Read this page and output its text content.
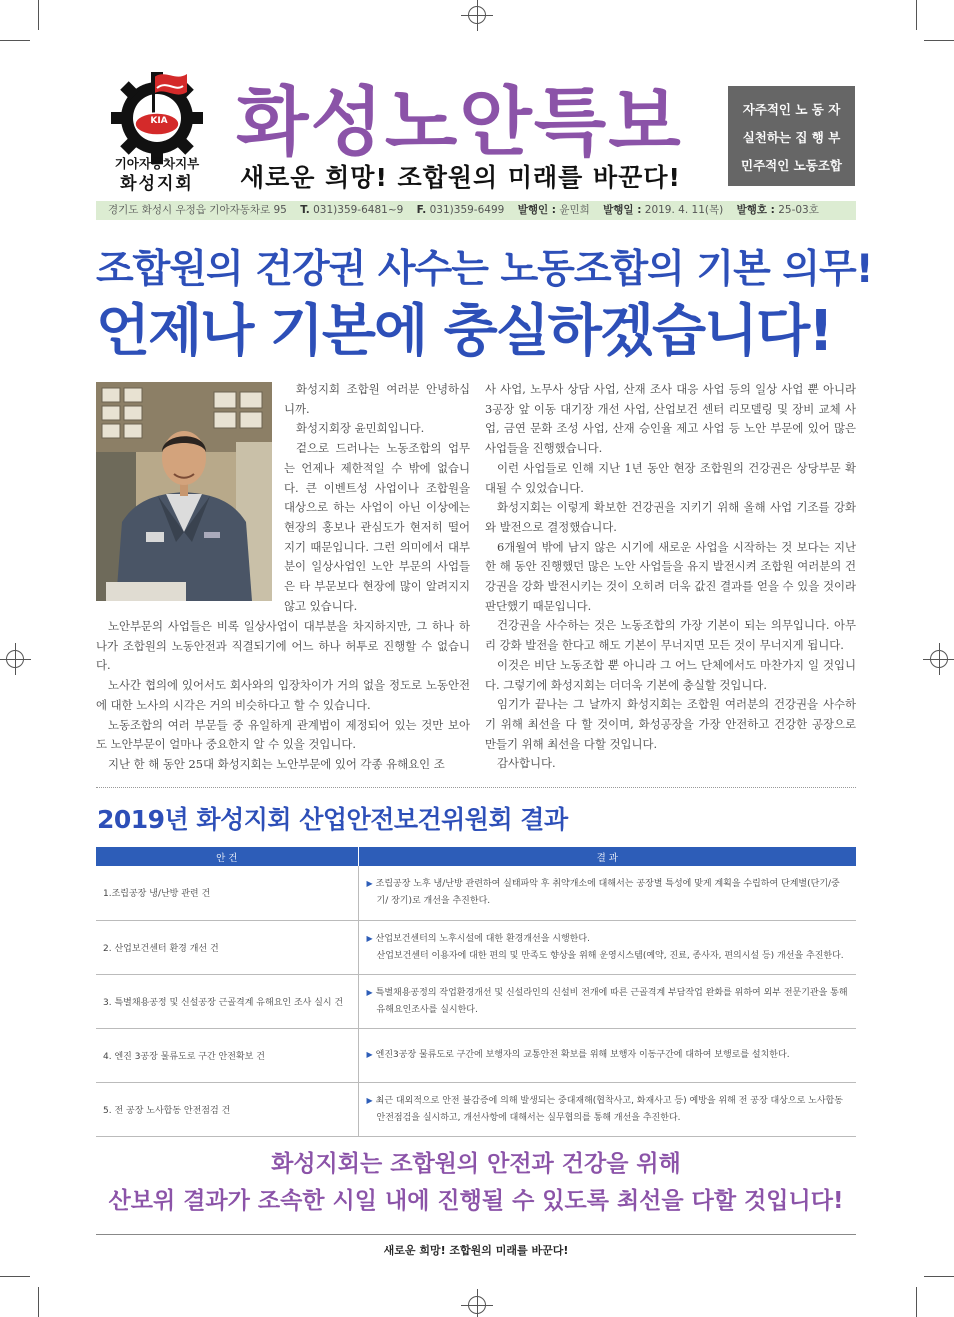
KIA
기아자동차지부
화성지회
화성노안특보
새로운 희망! 조합원의 미래를 바꾼다!
자주적인 노 동 자
실천하는 집 행 부
민주적인 노동조합
경기도 화성시 우정읍 기아자동차로 95 T. 031)359-6481~9 F. 031)359-6499 발행인 : 윤민희 발행일 : 2019. 4. 11(목) 발행호 : 25-03호
조합원의 건강권 사수는 노동조합의 기본 의무!
언제나 기본에 충실하겠습니다!

화성지회 조합원 여러분 안녕하십니까.

화성지회장 윤민희입니다.

겉으로 드러나는 노동조합의 업무는 언제나 제한적일 수 밖에 없습니다. 큰 이벤트성 사업이나 조합원을 대상으로 하는 사업이 아닌 이상에는 현장의 홍보나 관심도가 현저히 떨어지기 때문입니다. 그런 의미에서 대부분이 일상사업인 노안 부문의 사업들은 타 부문보다 현장에 많이 알려지지 않고 있습니다.

노안부문의 사업들은 비록 일상사업이 대부분을 차지하지만, 그 하나 하나가 조합원의 노동안전과 직결되기에 어느 하나 허투로 진행할 수 없습니다.

노사간 협의에 있어서도 회사와의 입장차이가 거의 없을 정도로 노동안전에 대한 노사의 시각은 거의 비슷하다고 할 수 있습니다.

노동조합의 여러 부문들 중 유일하게 관계법이 제정되어 있는 것만 보아도 노안부문이 얼마나 중요한지 알 수 있을 것입니다.

지난 한 해 동안 25대 화성지회는 노안부문에 있어 각종 유해요인 조

사 사업, 노무사 상담 사업, 산재 조사 대응 사업 등의 일상 사업 뿐 아니라 3공장 앞 이동 대기장 개선 사업, 산업보건 센터 리모델링 및 장비 교체 사업, 금연 문화 조성 사업, 산재 승인율 제고 사업 등 노안 부문에 있어 많은 사업들을 진행했습니다.

이런 사업들로 인해 지난 1년 동안 현장 조합원의 건강권은 상당부문 확대될 수 있었습니다.

화성지회는 이렇게 확보한 건강권을 지키기 위해 올해 사업 기조를 강화와 발전으로 결정했습니다.

6개월여 밖에 남지 않은 시기에 새로운 사업을 시작하는 것 보다는 지난 한 해 동안 진행했던 많은 노안 사업들을 유지 발전시켜 조합원 여러분의 건강권을 강화 발전시키는 것이 오히려 더욱 값진 결과를 얻을 수 있을 것이라 판단했기 때문입니다.

건강권을 사수하는 것은 노동조합의 가장 기본이 되는 의무입니다. 아무리 강화 발전을 한다고 해도 기본이 무너지면 모든 것이 무너지게 됩니다.

이것은 비단 노동조합 뿐 아니라 그 어느 단체에서도 마찬가지 일 것입니다. 그렇기에 화성지회는 더더욱 기본에 충실할 것입니다.

임기가 끝나는 그 날까지 화성지회는 조합원 여러분의 건강권을 사수하기 위해 최선을 다 할 것이며, 화성공장을 가장 안전하고 건강한 공장으로 만들기 위해 최선을 다할 것입니다.

감사합니다.

2019년 화성지회 산업안전보건위원회 결과
안 건	결 과
1.조립공장 냉/난방 관련 건	▶ 조립공장 노후 냉/난방 관련하여 실태파악 후 취약개소에 대해서는 공장별 특성에 맞게 계획을 수립하여 단계별(단기/중기/ 장기)로 개선을 추진한다.

2. 산업보건센터 환경 개선 건	▶ 산업보건센터의 노후시설에 대한 환경개선을 시행한다.
산업보건센터 이용자에 대한 편의 및 만족도 향상을 위해 운영시스템(예약, 진료, 종사자, 편의시설 등) 개선을 추진한다.

3. 특별채용공정 및 신설공장 근골격계 유해요인 조사 실시 건	▶ 특별채용공정의 작업환경개선 및 신설라인의 신설비 전개에 따른 근골격계 부담작업 완화를 위하여 외부 전문기관을 통해 유해요인조사를 실시한다.

4. 엔진 3공장 물류도로 구간 안전확보 건	▶ 엔진3공장 물류도로 구간에 보행자의 교통안전 확보를 위해 보행자 이동구간에 대하여 보행로를 설치한다.

5. 전 공장 노사합동 안전점검 건	▶ 최근 대외적으로 안전 불감증에 의해 발생되는 중대재해(협착사고, 화재사고 등) 예방을 위해 전 공장 대상으로 노사합동 안전점검을 실시하고, 개선사항에 대해서는 실무협의를 통해 개선을 추진한다.
화성지회는 조합원의 안전과 건강을 위해
산보위 결과가 조속한 시일 내에 진행될 수 있도록 최선을 다할 것입니다!
새로운 희망! 조합원의 미래를 바꾼다!
